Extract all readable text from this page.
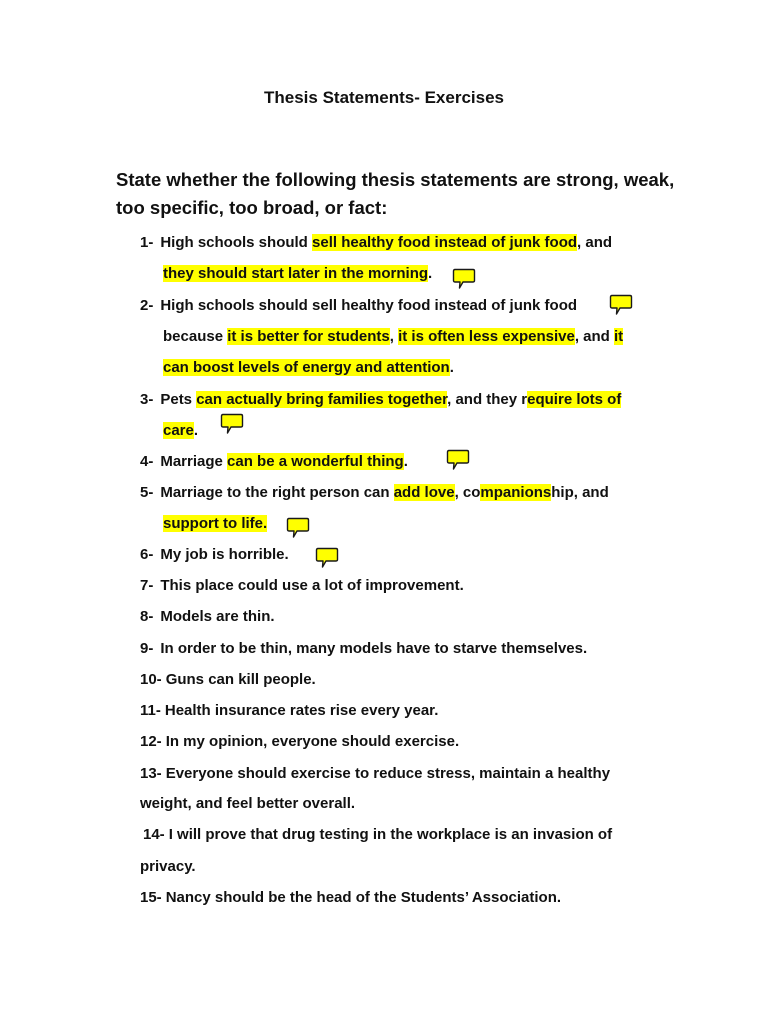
Thesis Statements- Exercises
State whether the following thesis statements are strong, weak, too specific, too broad, or fact:
1- High schools should sell healthy food instead of junk food, and
they should start later in the morning.
2- High schools should sell healthy food instead of junk food
because it is better for students, it is often less expensive, and it
can boost levels of energy and attention.
3- Pets can actually bring families together, and they require lots of
care.
4- Marriage can be a wonderful thing.
5- Marriage to the right person can add love, companionship, and
support to life.
6- My job is horrible.
7- This place could use a lot of improvement.
8- Models are thin.
9- In order to be thin, many models have to starve themselves.
10- Guns can kill people.
11- Health insurance rates rise every year.
12- In my opinion, everyone should exercise.
13- Everyone should exercise to reduce stress, maintain a healthy
weight, and feel better overall.
14- I will prove that drug testing in the workplace is an invasion of
privacy.
15- Nancy should be the head of the Students’ Association.
